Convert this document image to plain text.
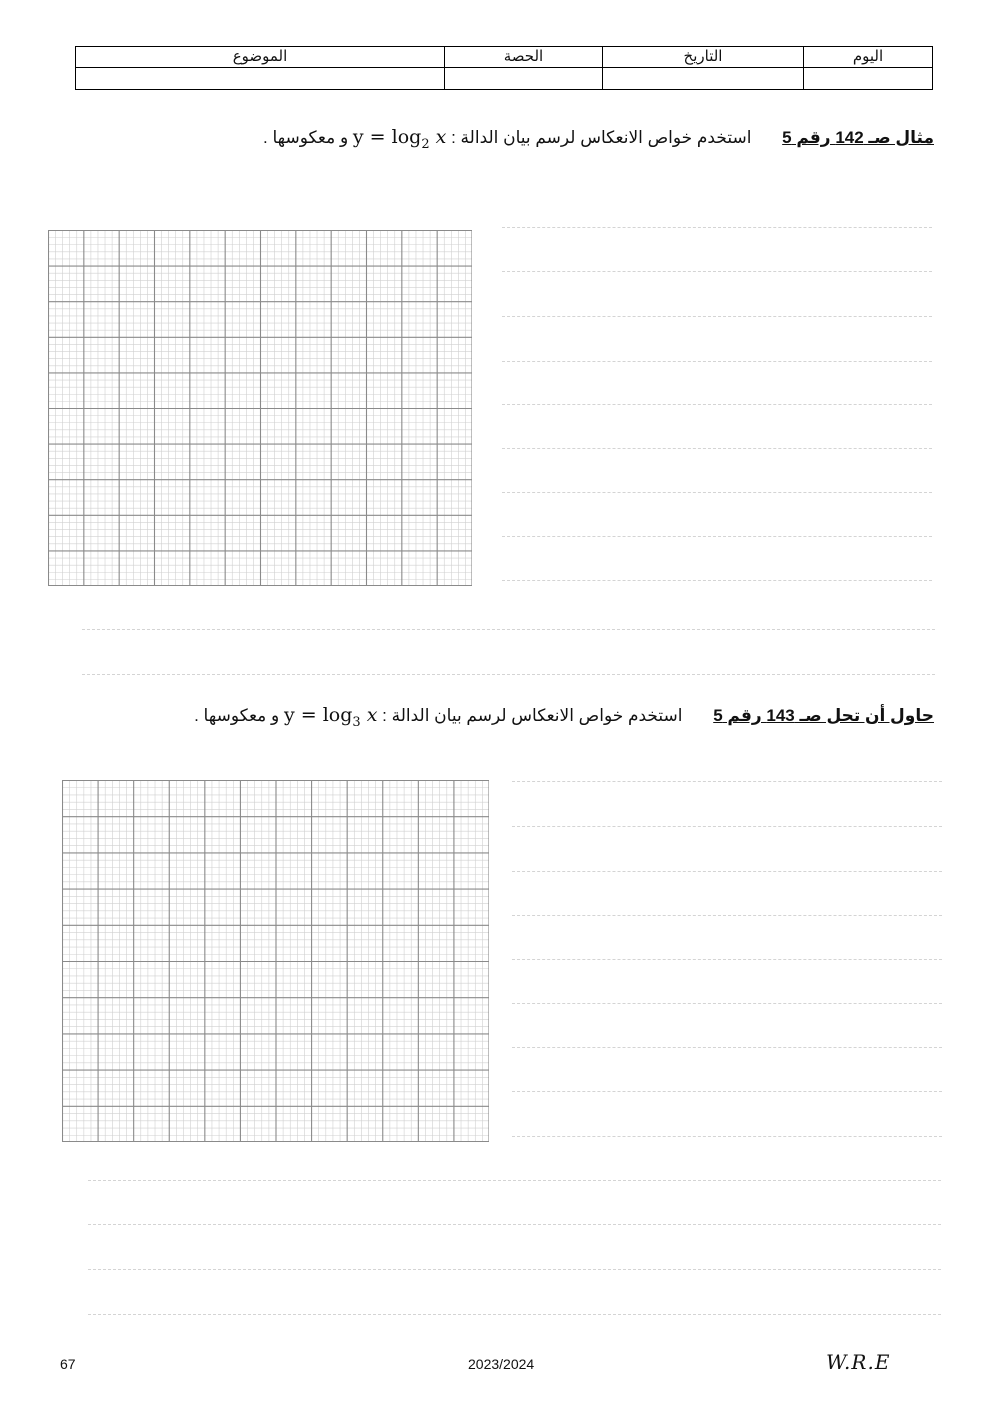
اليوم	التاريخ	الحصة	الموضوع

مثال صـ 142 رقم 5 استخدم خواص الانعكاس لرسم بيان الدالة : $y = \log_2 x$ و معكوسها .
حاول أن تحل صـ 143 رقم 5 استخدم خواص الانعكاس لرسم بيان الدالة : $y = \log_3 x$ و معكوسها .
67	2023/2024	W.R.E
